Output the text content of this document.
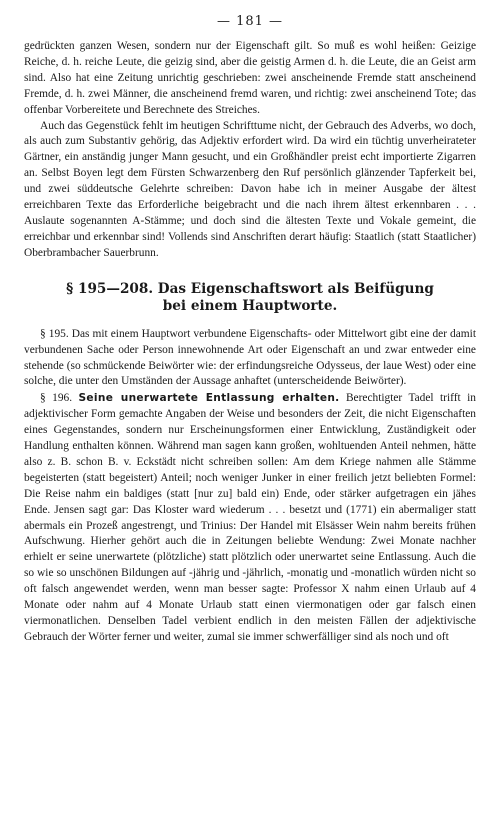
— 181 —

gedrückten ganzen Wesen, sondern nur der Eigenschaft gilt. So muß es wohl heißen: Geizige Reiche, d. h. reiche Leute, die geizig sind, aber die geistig Armen d. h. die Leute, die an Geist arm sind. Also hat eine Zeitung unrichtig geschrieben: zwei anscheinende Fremde statt anscheinend Fremde, d. h. zwei Männer, die anscheinend fremd waren, und richtig: zwei anscheinend Tote; das offenbar Vorbereitete und Berechnete des Streiches.

Auch das Gegenstück fehlt im heutigen Schrifttume nicht, der Gebrauch des Adverbs, wo doch, als auch zum Substantiv gehörig, das Adjektiv erfordert wird. Da wird ein tüchtig unverheirateter Gärtner, ein anständig junger Mann gesucht, und ein Großhändler preist echt importierte Zigarren an. Selbst Boyen legt dem Fürsten Schwarzenberg den Ruf persönlich glänzender Tapferkeit bei, und zwei süddeutsche Gelehrte schreiben: Davon habe ich in meiner Ausgabe der ältest erreichbaren Texte das Erforderliche beigebracht und die nach ihrem ältest erkennbaren . . . Auslaute sogenannten A-Stämme; und doch sind die ältesten Texte und Vokale gemeint, die erreichbar und erkennbar sind! Vollends sind Anschriften derart häufig: Staatlich (statt Staatlicher) Oberbrambacher Sauerbrunn.

§ 195—208. Das Eigenschaftswort als Beifügung
bei einem Hauptworte.

§ 195. Das mit einem Hauptwort verbundene Eigenschafts- oder Mittelwort gibt eine der damit verbundenen Sache oder Person innewohnende Art oder Eigenschaft an und zwar entweder eine stehende (so schmückende Beiwörter wie: der erfindungsreiche Odysseus, der laue West) oder eine solche, die unter den Umständen der Aussage anhaftet (unterscheidende Beiwörter).

§ 196. Seine unerwartete Entlassung erhalten. Berechtigter Tadel trifft in adjektivischer Form gemachte Angaben der Weise und besonders der Zeit, die nicht Eigenschaften eines Gegenstandes, sondern nur Erscheinungsformen einer Entwicklung, Zuständigkeit oder Handlung enthalten können. Während man sagen kann großen, wohltuenden Anteil nehmen, hätte also z. B. schon B. v. Eckstädt nicht schreiben sollen: Am dem Kriege nahmen alle Stämme begeisterten (statt begeistert) Anteil; noch weniger Junker in einer freilich jetzt beliebten Formel: Die Reise nahm ein baldiges (statt [nur zu] bald ein) Ende, oder stärker aufgetragen ein jähes Ende. Jensen sagt gar: Das Kloster ward wiederum . . . besetzt und (1771) ein abermaliger statt abermals ein Prozeß angestrengt, und Trinius: Der Handel mit Elsässer Wein nahm bereits frühen Aufschwung. Hierher gehört auch die in Zeitungen beliebte Wendung: Zwei Monate nachher erhielt er seine unerwartete (plötzliche) statt plötzlich oder unerwartet seine Entlassung. Auch die so wie so unschönen Bildungen auf -jährig und -jährlich, -monatig und -monatlich würden nicht so oft falsch angewendet werden, wenn man besser sagte: Professor X nahm einen Urlaub auf 4 Monate oder nahm auf 4 Monate Urlaub statt einen viermonatigen oder gar falsch einen viermonatlichen. Denselben Tadel verbient endlich in den meisten Fällen der adjektivische Gebrauch der Wörter ferner und weiter, zumal sie immer schwerfälliger sind als noch und oft
